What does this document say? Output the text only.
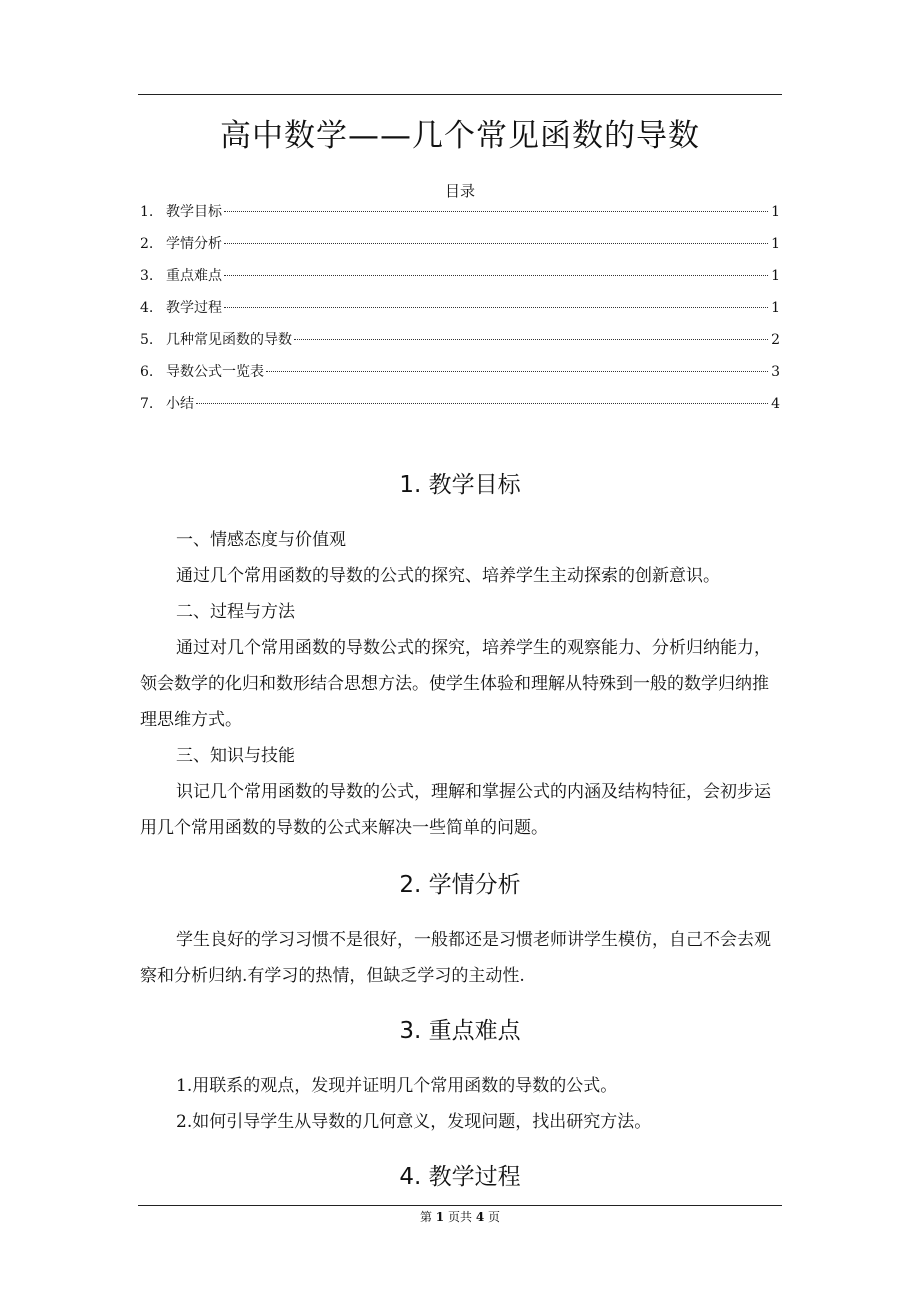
高中数学——几个常见函数的导数
目录
1. 教学目标	1
2. 学情分析	1
3. 重点难点	1
4. 教学过程	1
5. 几种常见函数的导数	2
6. 导数公式一览表	3
7. 小结	4
1. 教学目标

一、情感态度与价值观

通过几个常用函数的导数的公式的探究、培养学生主动探索的创新意识。

二、过程与方法

通过对几个常用函数的导数公式的探究，培养学生的观察能力、分析归纳能力，领会数学的化归和数形结合思想方法。使学生体验和理解从特殊到一般的数学归纳推理思维方式。

三、知识与技能

识记几个常用函数的导数的公式，理解和掌握公式的内涵及结构特征，会初步运用几个常用函数的导数的公式来解决一些简单的问题。

2. 学情分析

学生良好的学习习惯不是很好，一般都还是习惯老师讲学生模仿，自己不会去观察和分析归纳.有学习的热情，但缺乏学习的主动性.

3. 重点难点

1.用联系的观点，发现并证明几个常用函数的导数的公式。

2.如何引导学生从导数的几何意义，发现问题，找出研究方法。

4. 教学过程
第 1 页共 4 页
